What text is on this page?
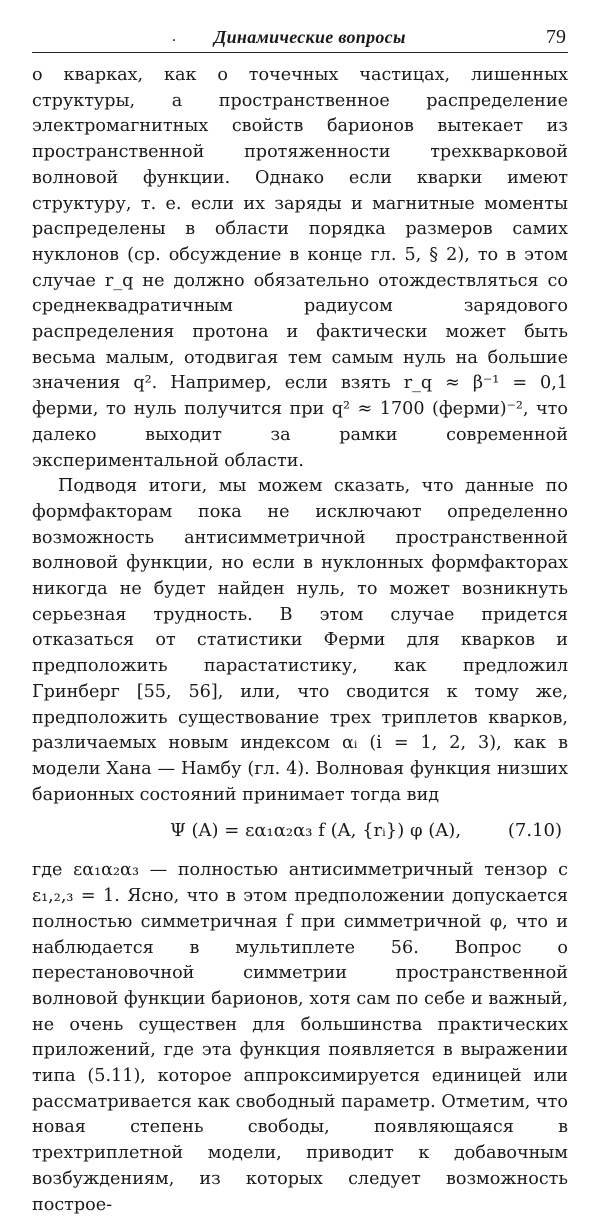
. Динамические вопросы	79

о кварках, как о точечных частицах, лишенных структуры, а пространственное распределение электромагнитных свойств барионов вытекает из пространственной протяженности трехкварковой волновой функции. Однако если кварки имеют структуру, т. е. если их заряды и магнитные моменты распределены в области порядка размеров самих нуклонов (ср. обсуждение в конце гл. 5, § 2), то в этом случае r_q не должно обязательно отождествляться со среднеквадратичным радиусом зарядового распределения протона и фактически может быть весьма малым, отодвигая тем самым нуль на большие значения q². Например, если взять r_q ≈ β⁻¹ = 0,1 ферми, то нуль получится при q² ≈ 1700 (ферми)⁻², что далеко выходит за рамки современной экспериментальной области.

Подводя итоги, мы можем сказать, что данные по формфакторам пока не исключают определенно возможность антисимметричной пространственной волновой функции, но если в нуклонных формфакторах никогда не будет найден нуль, то может возникнуть серьезная трудность. В этом случае придется отказаться от статистики Ферми для кварков и предположить парастатистику, как предложил Гринберг [55, 56], или, что сводится к тому же, предположить существование трех триплетов кварков, различаемых новым индексом αᵢ (i = 1, 2, 3), как в модели Хана — Намбу (гл. 4). Волновая функция низших барионных состояний принимает тогда вид

Ψ (A) = εα₁α₂α₃ f (A, {rᵢ}) φ (A),	(7.10)

где εα₁α₂α₃ — полностью антисимметричный тензор с ε₁,₂,₃ = 1. Ясно, что в этом предположении допускается полностью симметричная f при симметричной φ, что и наблюдается в мультиплете 56. Вопрос о перестановочной симметрии пространственной волновой функции барионов, хотя сам по себе и важный, не очень существен для большинства практических приложений, где эта функция появляется в выражении типа (5.11), которое аппроксимируется единицей или рассматривается как свободный параметр. Отметим, что новая степень свободы, появляющаяся в трехтриплетной модели, приводит к добавочным возбуждениям, из которых следует возможность построе-
